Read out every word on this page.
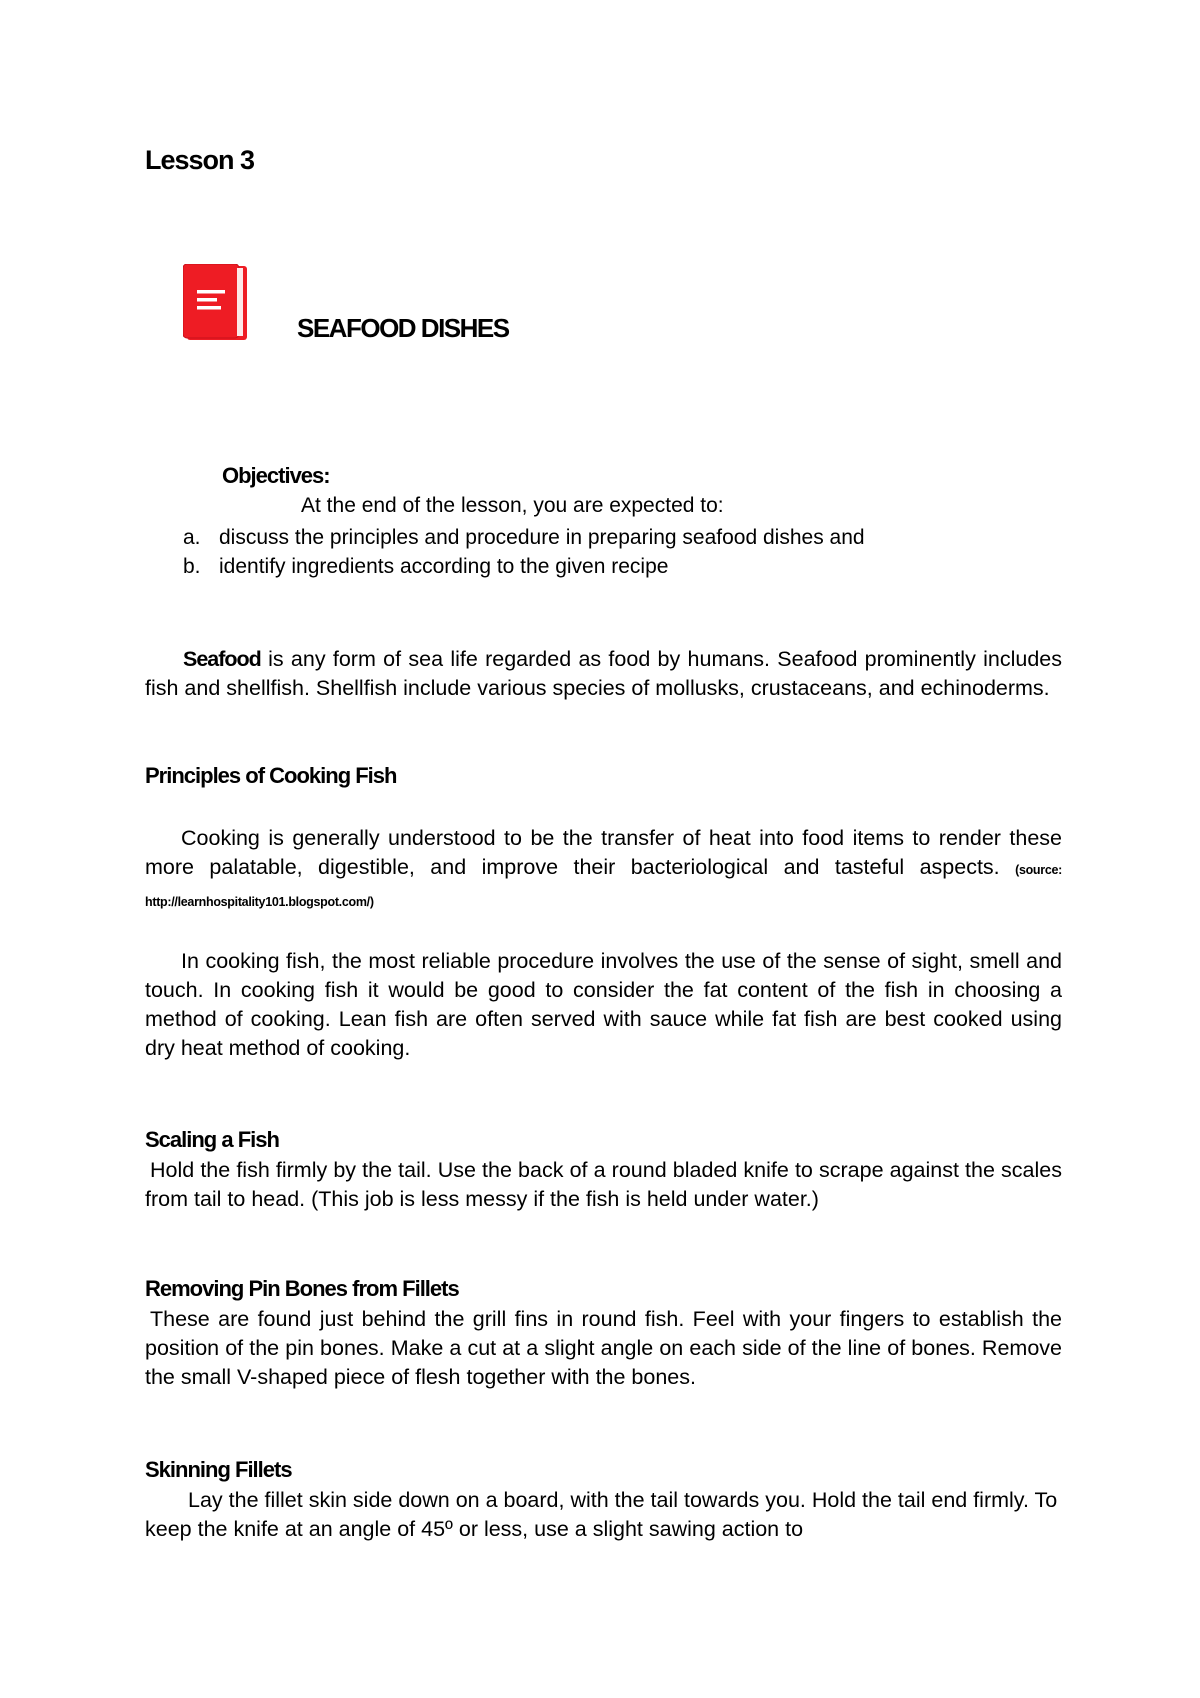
Lesson 3
SEAFOOD DISHES
Objectives:
At the end of the lesson, you are expected to:
a. discuss the principles and procedure in preparing seafood dishes and
b. identify ingredients according to the given recipe
Seafood is any form of sea life regarded as food by humans. Seafood prominently includes fish and shellfish. Shellfish include various species of mollusks, crustaceans, and echinoderms.
Principles of Cooking Fish
Cooking is generally understood to be the transfer of heat into food items to render these more palatable, digestible, and improve their bacteriological and tasteful aspects. (source: http://learnhospitality101.blogspot.com/)
In cooking fish, the most reliable procedure involves the use of the sense of sight, smell and touch. In cooking fish it would be good to consider the fat content of the fish in choosing a method of cooking. Lean fish are often served with sauce while fat fish are best cooked using dry heat method of cooking.
Scaling a Fish
Hold the fish firmly by the tail. Use the back of a round bladed knife to scrape against the scales from tail to head. (This job is less messy if the fish is held under water.)
Removing Pin Bones from Fillets
These are found just behind the grill fins in round fish. Feel with your fingers to establish the position of the pin bones. Make a cut at a slight angle on each side of the line of bones. Remove the small V-shaped piece of flesh together with the bones.
Skinning Fillets
Lay the fillet skin side down on a board, with the tail towards you. Hold the tail end firmly. To keep the knife at an angle of 45º or less, use a slight sawing action to
